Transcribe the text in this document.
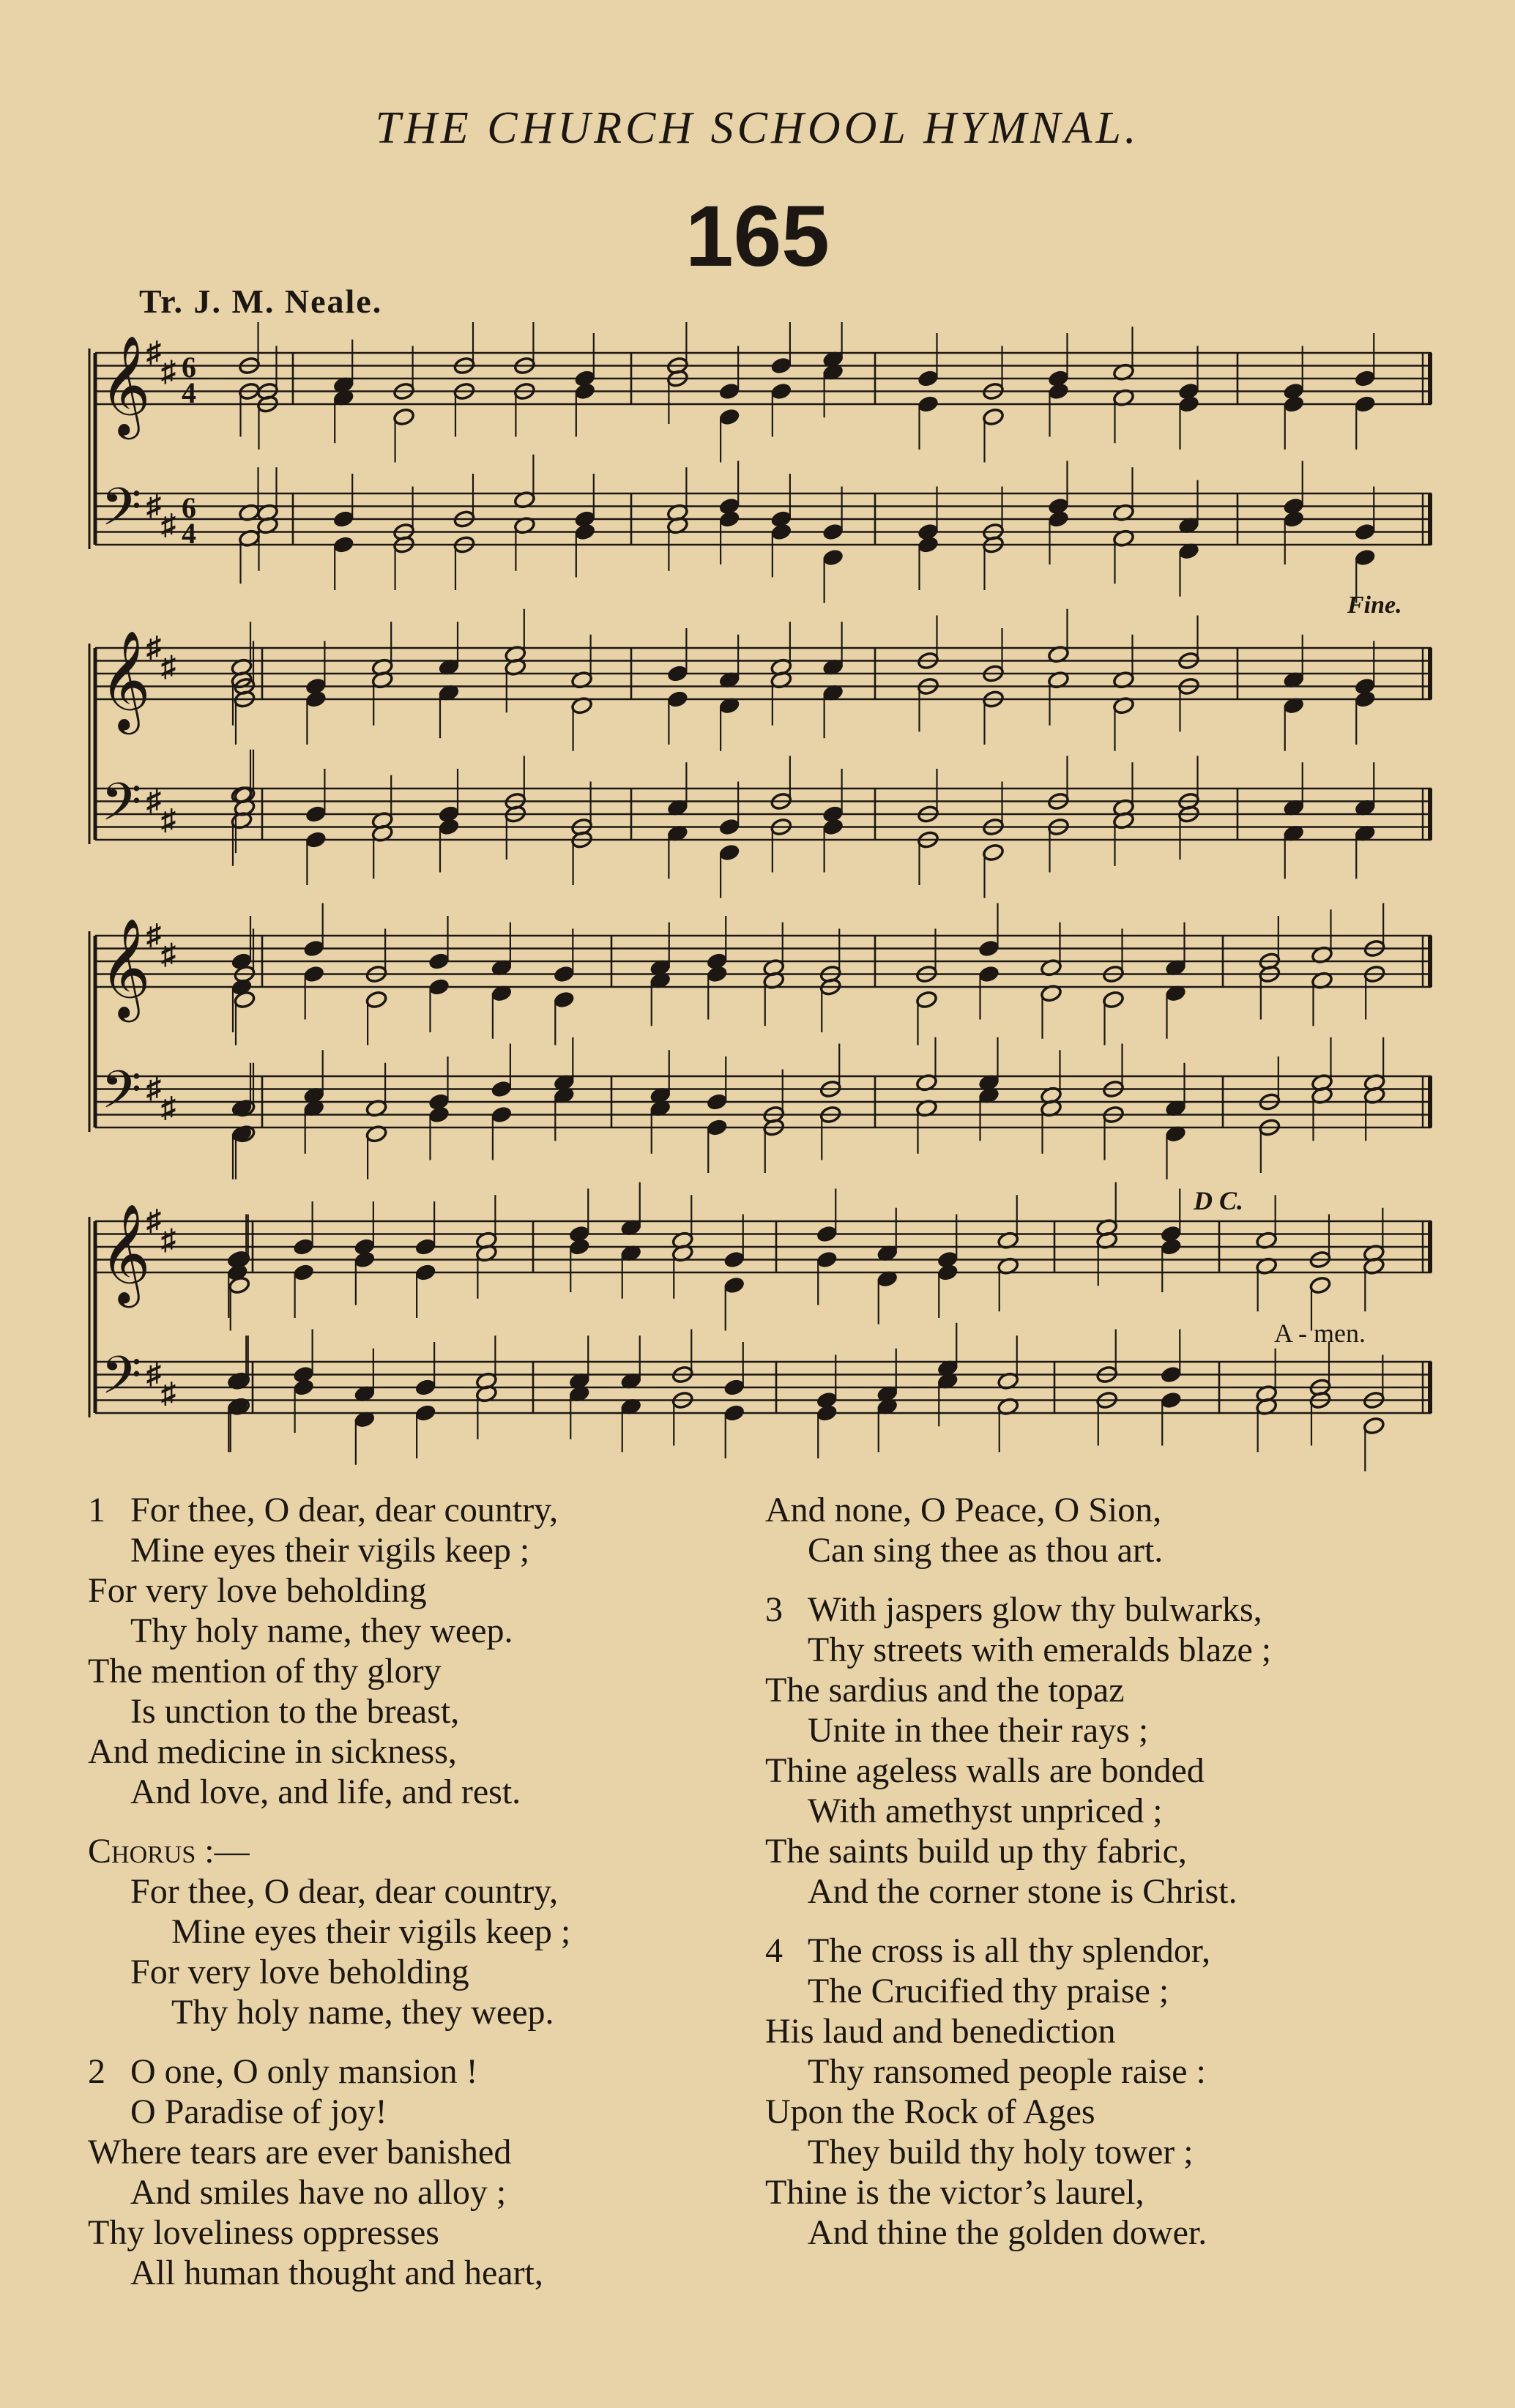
THE CHURCH SCHOOL HYMNAL.
165
Tr. J. M. Neale.
𝄞
𝄢
♯
♯
♯
♯
6
4
6
4
𝄞
𝄢
♯
♯
♯
♯
𝄞
𝄢
♯
♯
♯
♯
𝄞
𝄢
♯
♯
♯
♯
Fine.
D C.
A - men.
1 For thee, O dear, dear country,
Mine eyes their vigils keep ;
For very love beholding
Thy holy name, they weep.
The mention of thy glory
Is unction to the breast,
And medicine in sickness,
And love, and life, and rest.
Chorus :—
For thee, O dear, dear country,
Mine eyes their vigils keep ;
For very love beholding
Thy holy name, they weep.
2 O one, O only mansion !
O Paradise of joy!
Where tears are ever banished
And smiles have no alloy ;
Thy loveliness oppresses
All human thought and heart,
And none, O Peace, O Sion,
Can sing thee as thou art.
3 With jaspers glow thy bulwarks,
Thy streets with emeralds blaze ;
The sardius and the topaz
Unite in thee their rays ;
Thine ageless walls are bonded
With amethyst unpriced ;
The saints build up thy fabric,
And the corner stone is Christ.
4 The cross is all thy splendor,
The Crucified thy praise ;
His laud and benediction
Thy ransomed people raise :
Upon the Rock of Ages
They build thy holy tower ;
Thine is the victor’s laurel,
And thine the golden dower.
